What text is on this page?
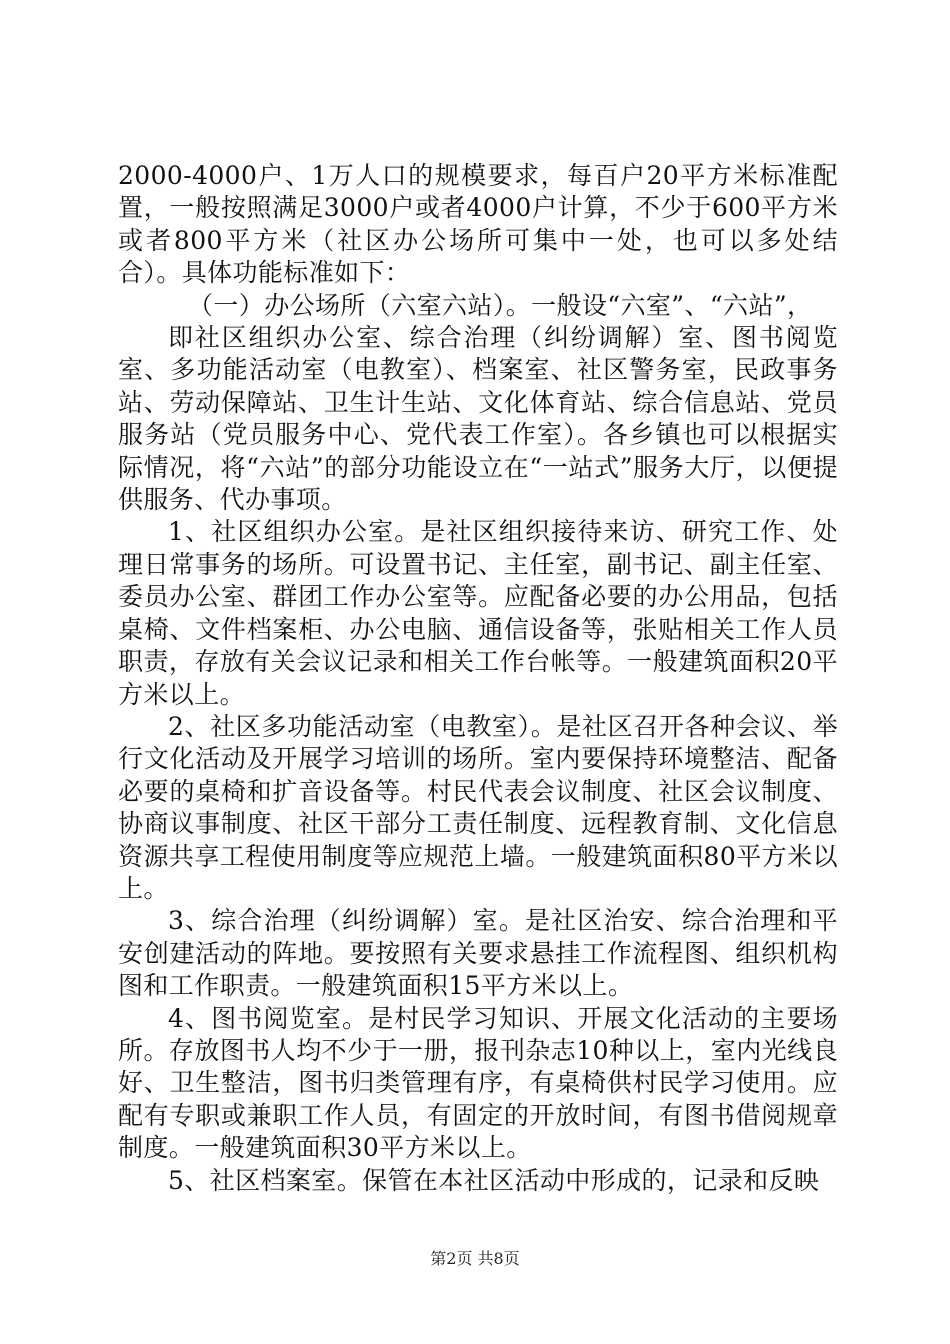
2000-4000户、1万人口的规模要求，每百户20平方米标准配置，一般按照满足3000户或者4000户计算，不少于600平方米或者800平方米（社区办公场所可集中一处，也可以多处结合）。具体功能标准如下：

（一）办公场所（六室六站）。一般设“六室”、“六站”，

即社区组织办公室、综合治理（纠纷调解）室、图书阅览室、多功能活动室（电教室）、档案室、社区警务室，民政事务站、劳动保障站、卫生计生站、文化体育站、综合信息站、党员服务站（党员服务中心、党代表工作室）。各乡镇也可以根据实际情况，将“六站”的部分功能设立在“一站式”服务大厅，以便提供服务、代办事项。

1、社区组织办公室。是社区组织接待来访、研究工作、处理日常事务的场所。可设置书记、主任室，副书记、副主任室、委员办公室、群团工作办公室等。应配备必要的办公用品，包括桌椅、文件档案柜、办公电脑、通信设备等，张贴相关工作人员职责，存放有关会议记录和相关工作台帐等。一般建筑面积20平方米以上。

2、社区多功能活动室（电教室）。是社区召开各种会议、举行文化活动及开展学习培训的场所。室内要保持环境整洁、配备必要的桌椅和扩音设备等。村民代表会议制度、社区会议制度、协商议事制度、社区干部分工责任制度、远程教育制、文化信息资源共享工程使用制度等应规范上墙。一般建筑面积80平方米以上。

3、综合治理（纠纷调解）室。是社区治安、综合治理和平安创建活动的阵地。要按照有关要求悬挂工作流程图、组织机构图和工作职责。一般建筑面积15平方米以上。

4、图书阅览室。是村民学习知识、开展文化活动的主要场所。存放图书人均不少于一册，报刊杂志10种以上，室内光线良好、卫生整洁，图书归类管理有序，有桌椅供村民学习使用。应配有专职或兼职工作人员，有固定的开放时间，有图书借阅规章制度。一般建筑面积30平方米以上。

5、社区档案室。保管在本社区活动中形成的，记录和反映

第2页 共8页
